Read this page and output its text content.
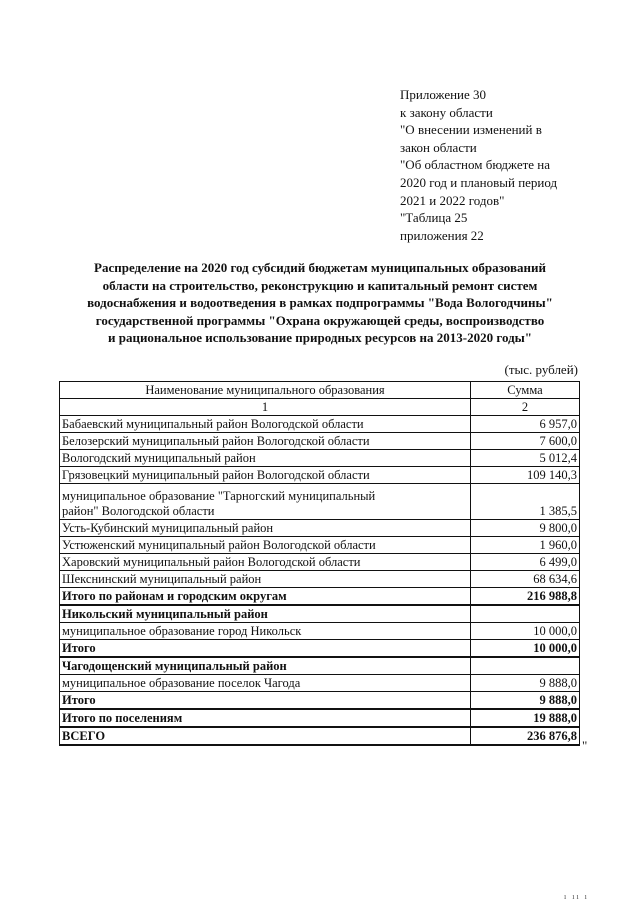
Приложение 30
к закону области
"О внесении изменений в
закон области
"Об областном бюджете на
2020 год и плановый период
2021 и 2022 годов"
"Таблица 25
приложения 22
Распределение на 2020 год субсидий бюджетам муниципальных образований
области на строительство, реконструкцию и капитальный ремонт систем
водоснабжения и водоотведения в рамках подпрограммы "Вода Вологодчины"
государственной программы "Охрана окружающей среды, воспроизводство
и рациональное использование природных ресурсов на 2013-2020 годы"
(тыс. рублей)
Наименование муниципального образования	Сумма
1	2
Бабаевский муниципальный район Вологодской области	6 957,0
Белозерский муниципальный район Вологодской области	7 600,0
Вологодский муниципальный район	5 012,4
Грязовецкий муниципальный район Вологодской области	109 140,3
муниципальное образование "Тарногский муниципальный
район" Вологодской области	1 385,5
Усть-Кубинский муниципальный район	9 800,0
Устюженский муниципальный район Вологодской области	1 960,0
Харовский муниципальный район Вологодской области	6 499,0
Шекснинский муниципальный район	68 634,6
Итого по районам и городским округам	216 988,8
Никольский муниципальный район	
муниципальное образование город Никольск	10 000,0
Итого	10 000,0
Чагодощенский муниципальный район	
муниципальное образование поселок Чагода	9 888,0
Итого	9 888,0
Итого по поселениям	19 888,0
ВСЕГО	236 876,8
"
ı ıı ı
